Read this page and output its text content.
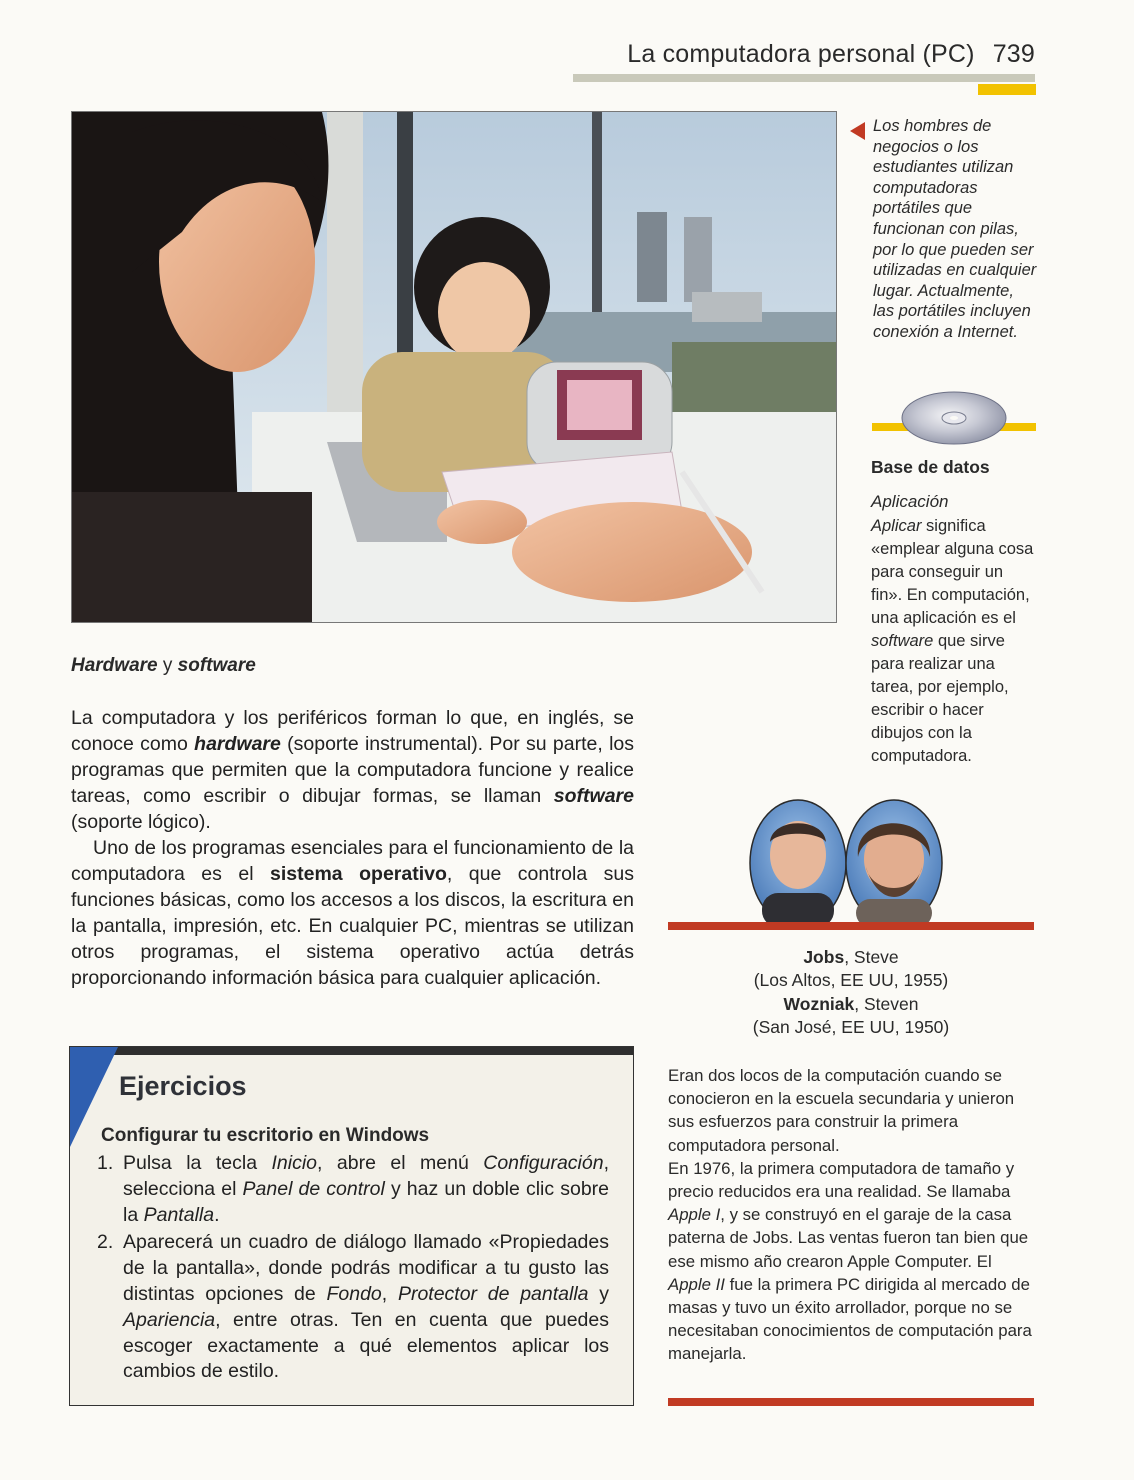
La computadora personal (PC) 739
Los hombres de negocios o los estudiantes utilizan computadoras portátiles que funcionan con pilas, por lo que pueden ser utilizadas en cualquier lugar. Actualmente, las portátiles incluyen conexión a Internet.
Base de datos
Aplicación
Aplicar significa «emplear alguna cosa para conseguir un fin». En computación, una aplicación es el software que sirve para realizar una tarea, por ejemplo, escribir o hacer dibujos con la computadora.
Hardware y software
La computadora y los periféricos forman lo que, en inglés, se conoce como hardware (soporte instrumental). Por su parte, los programas que permiten que la computadora funcione y realice tareas, como escribir o dibujar formas, se llaman software (soporte lógico).
Uno de los programas esenciales para el funcionamiento de la computadora es el sistema operativo, que controla sus funciones básicas, como los accesos a los discos, la escritura en la pantalla, impresión, etc. En cualquier PC, mientras se utilizan otros programas, el sistema operativo actúa detrás proporcionando información básica para cualquier aplicación.
Ejercicios
Configurar tu escritorio en Windows
1. Pulsa la tecla Inicio, abre el menú Configuración, selecciona el Panel de control y haz un doble clic sobre la Pantalla.
2. Aparecerá un cuadro de diálogo llamado «Propiedades de la pantalla», donde podrás modificar a tu gusto las distintas opciones de Fondo, Protector de pantalla y Apariencia, entre otras. Ten en cuenta que puedes escoger exactamente a qué elementos aplicar los cambios de estilo.
Jobs, Steve
(Los Altos, EE UU, 1955)
Wozniak, Steven
(San José, EE UU, 1950)
Eran dos locos de la computación cuando se conocieron en la escuela secundaria y unieron sus esfuerzos para construir la primera computadora personal.
En 1976, la primera computadora de tamaño y precio reducidos era una realidad. Se llamaba Apple I, y se construyó en el garaje de la casa paterna de Jobs. Las ventas fueron tan bien que ese mismo año crearon Apple Computer. El Apple II fue la primera PC dirigida al mercado de masas y tuvo un éxito arrollador, porque no se necesitaban conocimientos de computación para manejarla.
